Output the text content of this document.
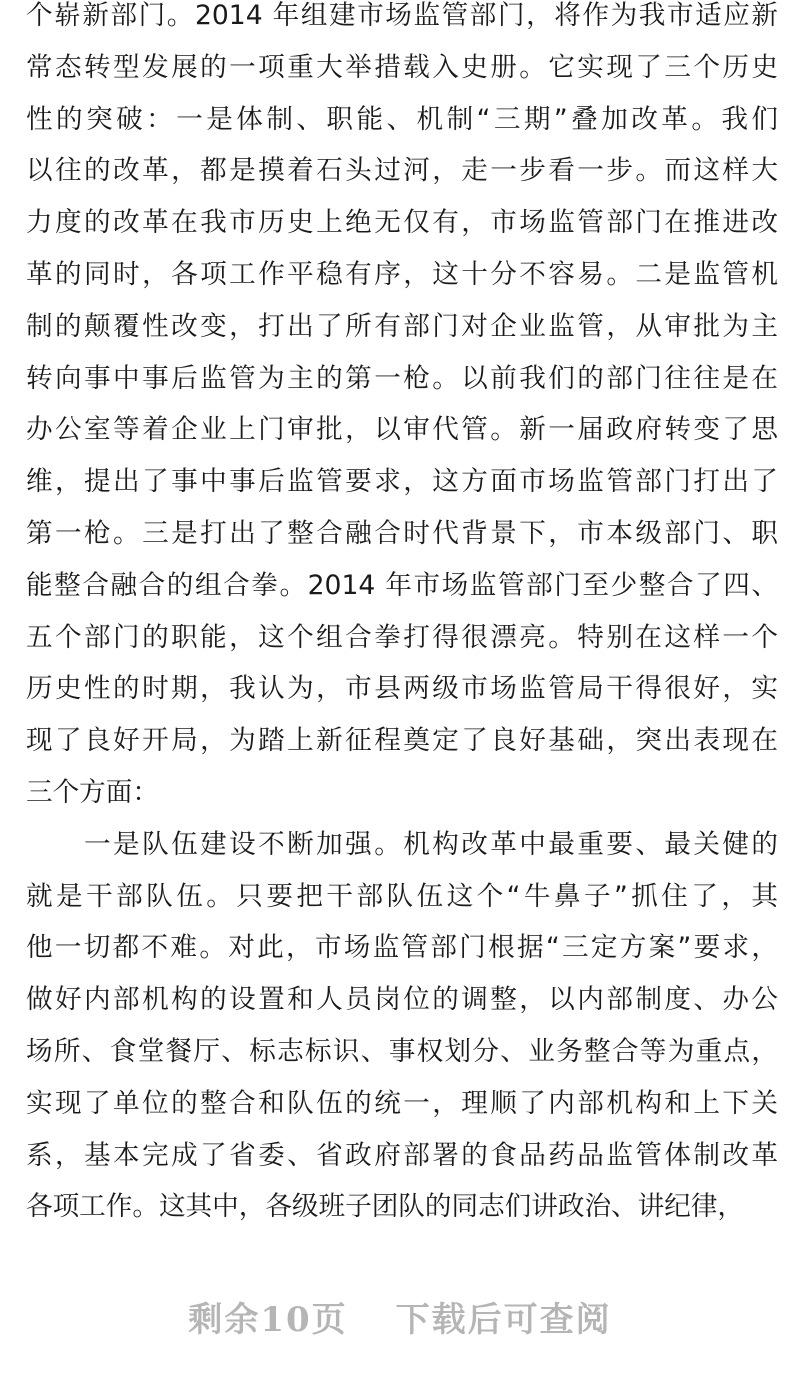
个崭新部门。2014 年组建市场监管部门，将作为我市适应新
常态转型发展的一项重大举措载入史册。它实现了三个历史
性的突破：一是体制、职能、机制“三期”叠加改革。我们
以往的改革，都是摸着石头过河，走一步看一步。而这样大
力度的改革在我市历史上绝无仅有，市场监管部门在推进改
革的同时，各项工作平稳有序，这十分不容易。二是监管机
制的颠覆性改变，打出了所有部门对企业监管，从审批为主
转向事中事后监管为主的第一枪。以前我们的部门往往是在
办公室等着企业上门审批，以审代管。新一届政府转变了思
维，提出了事中事后监管要求，这方面市场监管部门打出了
第一枪。三是打出了整合融合时代背景下，市本级部门、职
能整合融合的组合拳。2014 年市场监管部门至少整合了四、
五个部门的职能，这个组合拳打得很漂亮。特别在这样一个
历史性的时期，我认为，市县两级市场监管局干得很好，实
现了良好开局，为踏上新征程奠定了良好基础，突出表现在
三个方面：
　　一是队伍建设不断加强。机构改革中最重要、最关健的
就是干部队伍。只要把干部队伍这个“牛鼻子”抓住了，其
他一切都不难。对此，市场监管部门根据“三定方案”要求，
做好内部机构的设置和人员岗位的调整，以内部制度、办公
场所、食堂餐厅、标志标识、事权划分、业务整合等为重点，
实现了单位的整合和队伍的统一，理顺了内部机构和上下关
系，基本完成了省委、省政府部署的食品药品监管体制改革
各项工作。这其中，各级班子团队的同志们讲政治、讲纪律，
剩余10页 下载后可查阅
